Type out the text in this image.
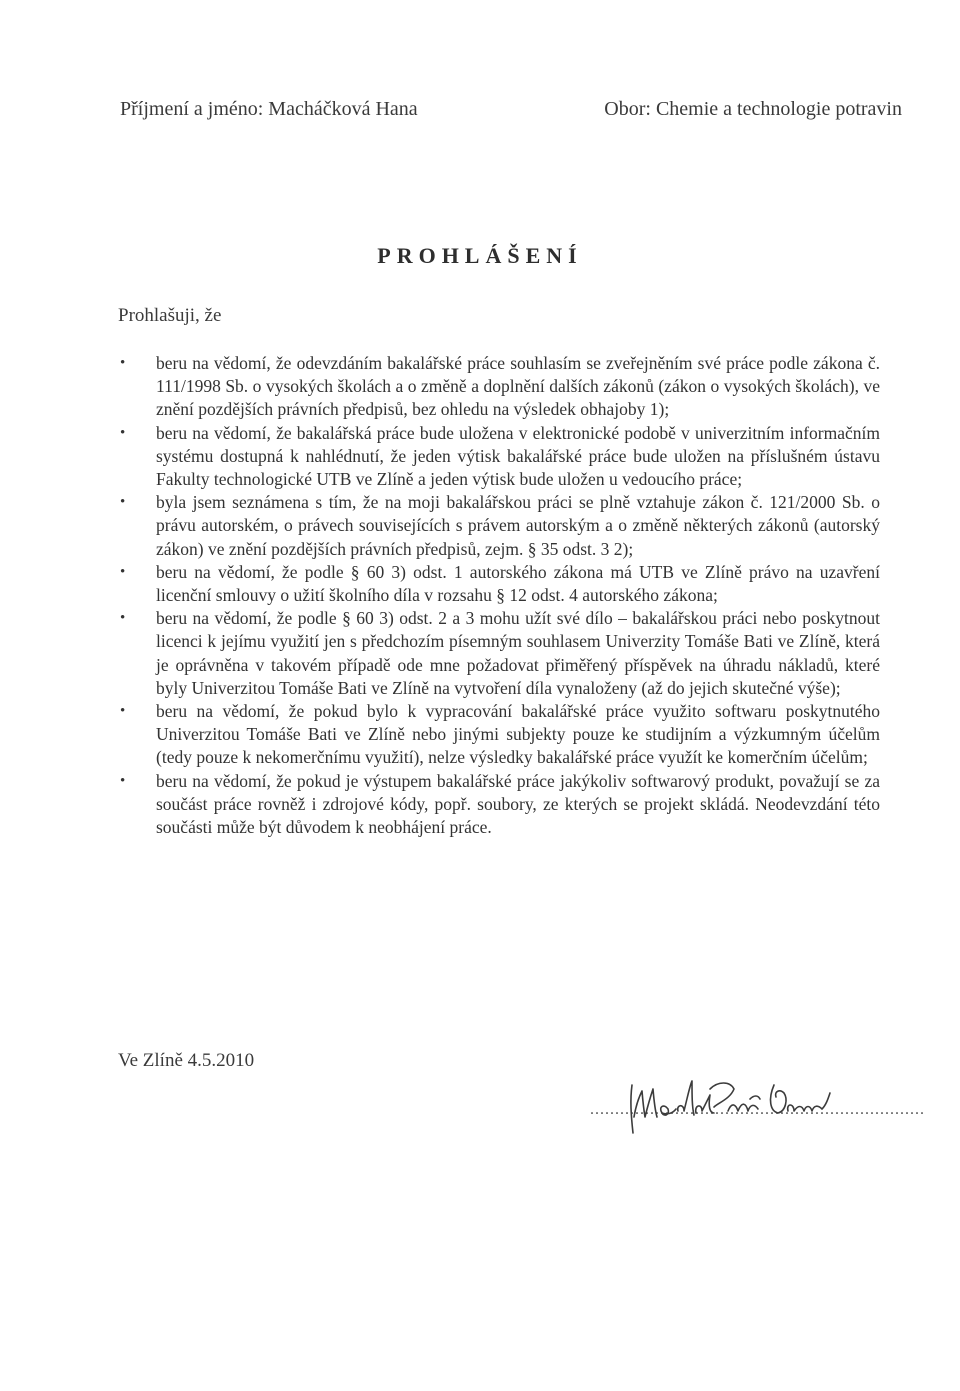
Příjmení a jméno: Macháčková Hana	Obor: Chemie a technologie potravin
PROHLÁŠENÍ
Prohlašuji, že
• beru na vědomí, že odevzdáním bakalářské práce souhlasím se zveřejněním své práce podle zákona č. 111/1998 Sb. o vysokých školách a o změně a doplnění dalších zákonů (zákon o vysokých školách), ve znění pozdějších právních předpisů, bez ohledu na výsledek obhajoby 1);
• beru na vědomí, že bakalářská práce bude uložena v elektronické podobě v univerzitním informačním systému dostupná k nahlédnutí, že jeden výtisk bakalářské práce bude uložen na příslušném ústavu Fakulty technologické UTB ve Zlíně a jeden výtisk bude uložen u vedoucího práce;
• byla jsem seznámena s tím, že na moji bakalářskou práci se plně vztahuje zákon č. 121/2000 Sb. o právu autorském, o právech souvisejících s právem autorským a o změně některých zákonů (autorský zákon) ve znění pozdějších právních předpisů, zejm. § 35 odst. 3 2);
• beru na vědomí, že podle § 60 3) odst. 1 autorského zákona má UTB ve Zlíně právo na uzavření licenční smlouvy o užití školního díla v rozsahu § 12 odst. 4 autorského zákona;
• beru na vědomí, že podle § 60 3) odst. 2 a 3 mohu užít své dílo – bakalářskou práci nebo poskytnout licenci k jejímu využití jen s předchozím písemným souhlasem Univerzity Tomáše Bati ve Zlíně, která je oprávněna v takovém případě ode mne požadovat přiměřený příspěvek na úhradu nákladů, které byly Univerzitou Tomáše Bati ve Zlíně na vytvoření díla vynaloženy (až do jejich skutečné výše);
• beru na vědomí, že pokud bylo k vypracování bakalářské práce využito softwaru poskytnutého Univerzitou Tomáše Bati ve Zlíně nebo jinými subjekty pouze ke studijním a výzkumným účelům (tedy pouze k nekomerčnímu využití), nelze výsledky bakalářské práce využít ke komerčním účelům;
• beru na vědomí, že pokud je výstupem bakalářské práce jakýkoliv softwarový produkt, považují se za součást práce rovněž i zdrojové kódy, popř. soubory, ze kterých se projekt skládá. Neodevzdání této součásti může být důvodem k neobhájení práce.
Ve Zlíně 4.5.2010
...................................................................
